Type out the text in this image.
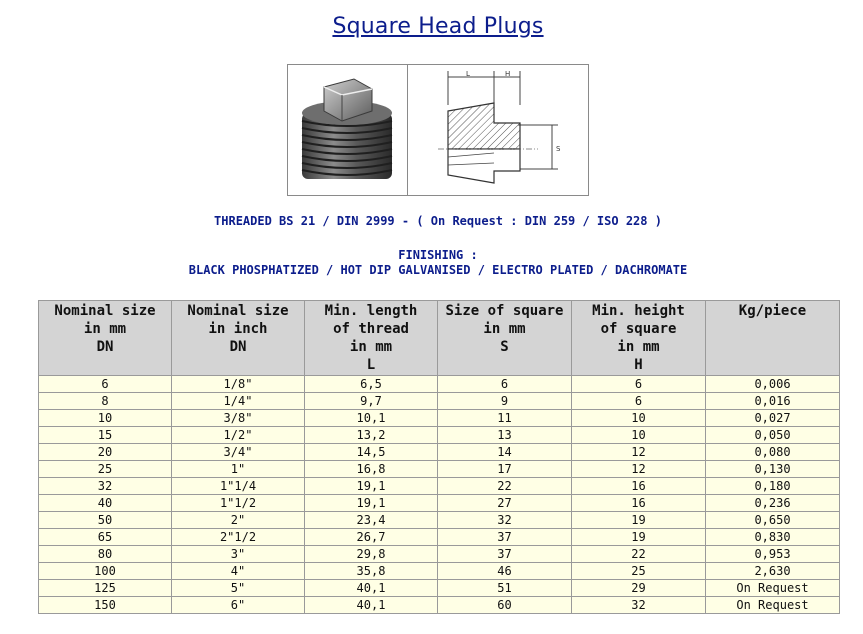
Square Head Plugs
L	H
S
THREADED BS 21 / DIN 2999 - ( On Request : DIN 259 / ISO 228 )
FINISHING :
BLACK PHOSPHATIZED / HOT DIP GALVANISED / ELECTRO PLATED / DACHROMATE
Nominal size
in mm
DN	Nominal size
in inch
DN	Min. length
of thread
in mm
L	Size of square
in mm
S	Min. height
of square
in mm
H	Kg/piece

6	1/8"	6,5	6	6	0,006
8	1/4"	9,7	9	6	0,016
10	3/8"	10,1	11	10	0,027
15	1/2"	13,2	13	10	0,050
20	3/4"	14,5	14	12	0,080
25	1"	16,8	17	12	0,130
32	1"1/4	19,1	22	16	0,180
40	1"1/2	19,1	27	16	0,236
50	2"	23,4	32	19	0,650
65	2"1/2	26,7	37	19	0,830
80	3"	29,8	37	22	0,953
100	4"	35,8	46	25	2,630
125	5"	40,1	51	29	On Request
150	6"	40,1	60	32	On Request
